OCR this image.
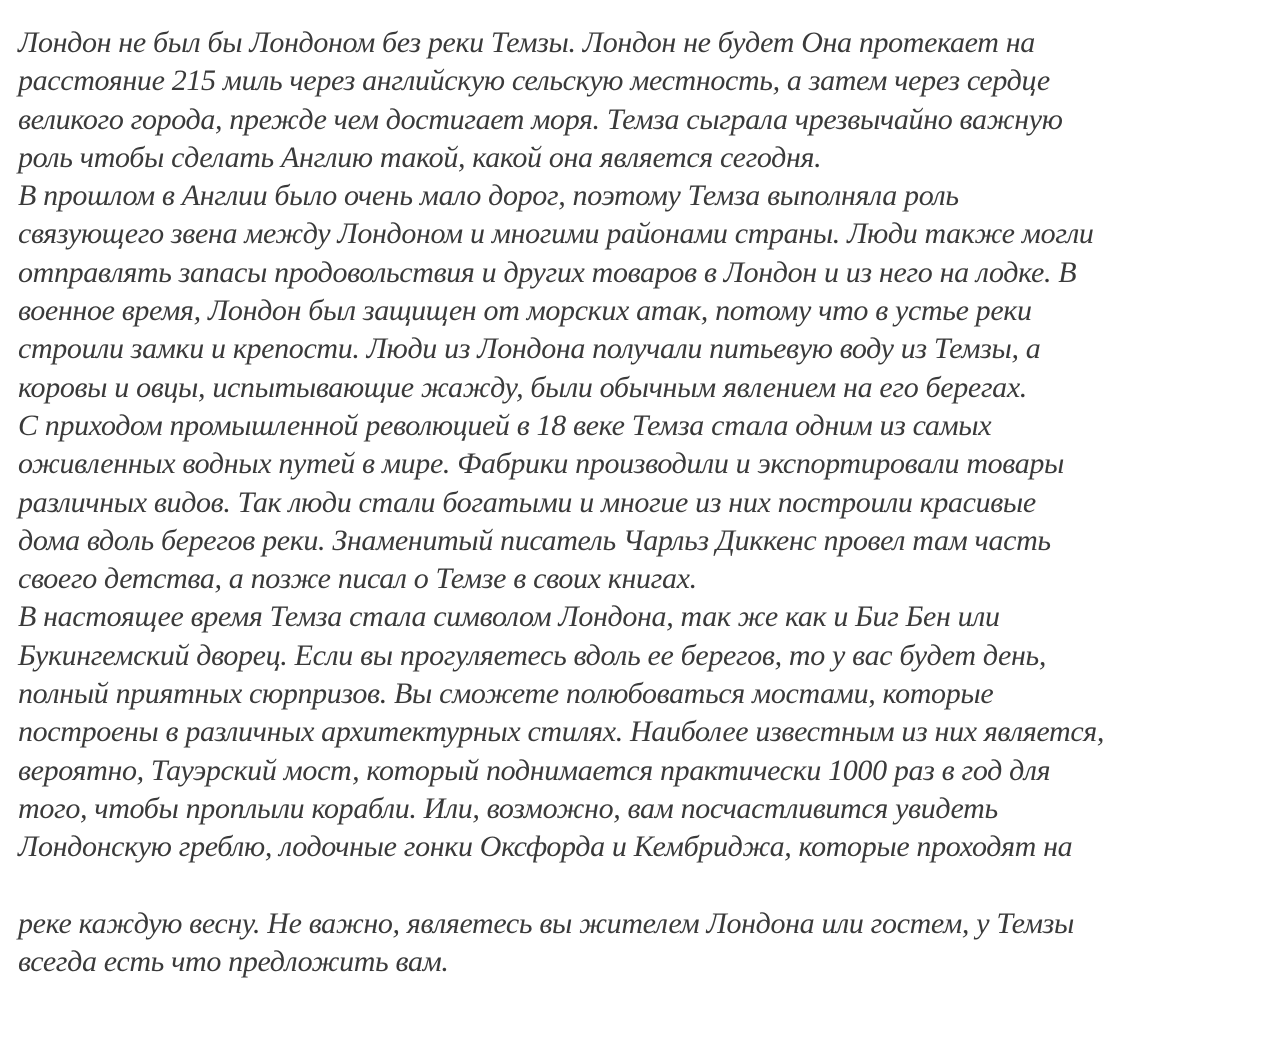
Лондон не был бы Лондоном без реки Темзы. Лондон не будет Она протекает на
расстояние 215 миль через английскую сельскую местность, а затем через сердце
великого города, прежде чем достигает моря. Темза сыграла чрезвычайно важную
роль чтобы сделать Англию такой, какой она является сегодня.
В прошлом в Англии было очень мало дорог, поэтому Темза выполняла роль
связующего звена между Лондоном и многими районами страны. Люди также могли
отправлять запасы продовольствия и других товаров в Лондон и из него на лодке. В
военное время, Лондон был защищен от морских атак, потому что в устье реки
строили замки и крепости. Люди из Лондона получали питьевую воду из Темзы, а
коровы и овцы, испытывающие жажду, были обычным явлением на его берегах.
С приходом промышленной революцией в 18 веке Темза стала одним из самых
оживленных водных путей в мире. Фабрики производили и экспортировали товары
различных видов. Так люди стали богатыми и многие из них построили красивые
дома вдоль берегов реки. Знаменитый писатель Чарльз Диккенс провел там часть
своего детства, а позже писал о Темзе в своих книгах.
В настоящее время Темза стала символом Лондона, так же как и Биг Бен или
Букингемский дворец. Если вы прогуляетесь вдоль ее берегов, то у вас будет день,
полный приятных сюрпризов. Вы сможете полюбоваться мостами, которые
построены в различных архитектурных стилях. Наиболее известным из них является,
вероятно, Тауэрский мост, который поднимается практически 1000 раз в год для
того, чтобы проплыли корабли. Или, возможно, вам посчастливится увидеть
Лондонскую греблю, лодочные гонки Оксфорда и Кембриджа, которые проходят на
реке каждую весну. Не важно, являетесь вы жителем Лондона или гостем, у Темзы
всегда есть что предложить вам.
